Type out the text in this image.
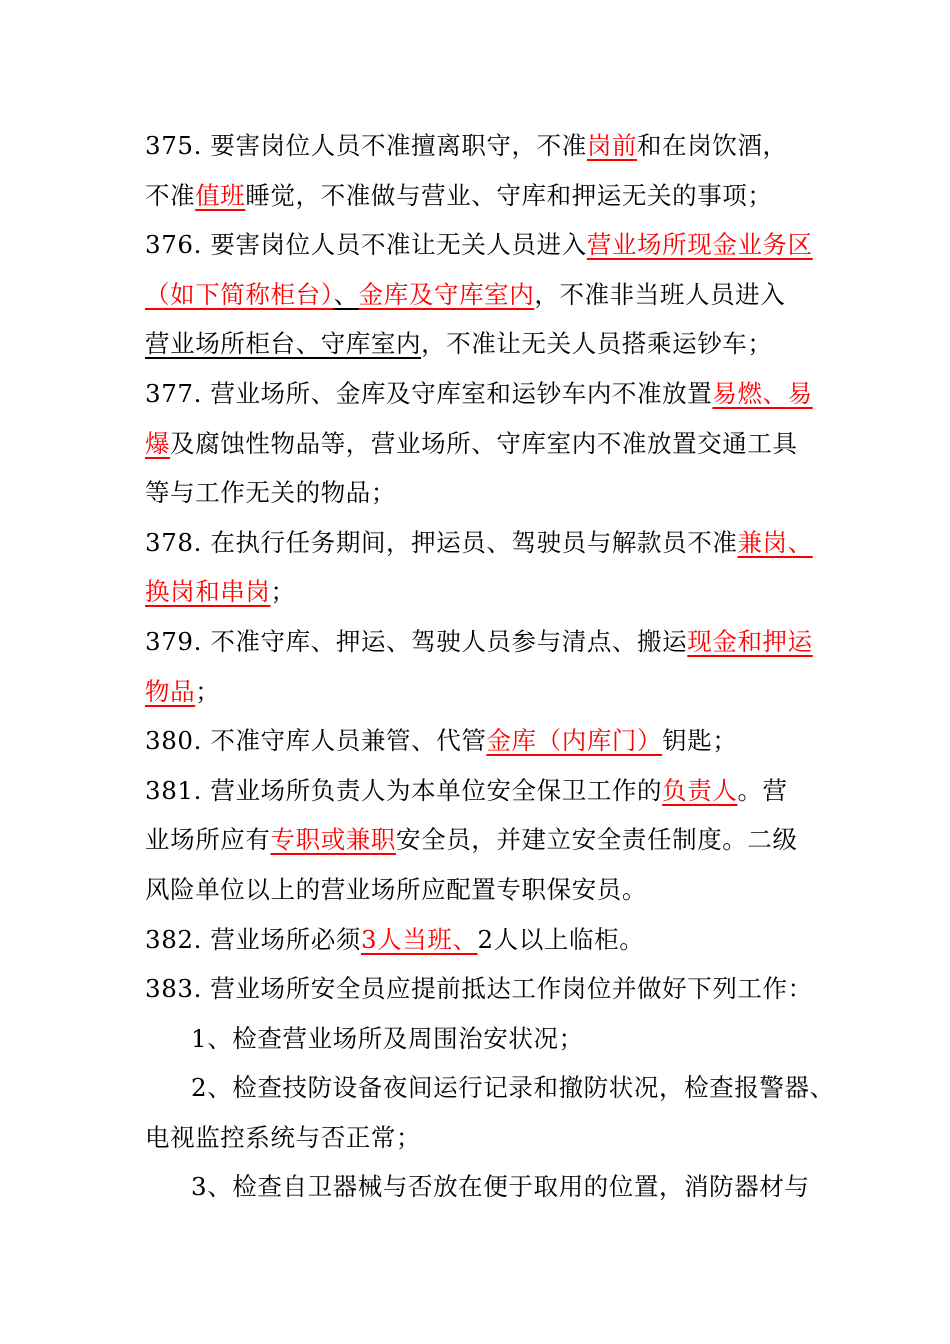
375. 要害岗位人员不准擅离职守，不准岗前和在岗饮酒，
不准值班睡觉，不准做与营业、守库和押运无关的事项；
376. 要害岗位人员不准让无关人员进入营业场所现金业务区
（如下简称柜台）、金库及守库室内，不准非当班人员进入
营业场所柜台、守库室内，不准让无关人员搭乘运钞车；
377. 营业场所、金库及守库室和运钞车内不准放置易燃、易
爆及腐蚀性物品等，营业场所、守库室内不准放置交通工具
等与工作无关的物品；
378. 在执行任务期间，押运员、驾驶员与解款员不准兼岗、
换岗和串岗；
379. 不准守库、押运、驾驶人员参与清点、搬运现金和押运
物品；
380. 不准守库人员兼管、代管金库（内库门）钥匙；
381. 营业场所负责人为本单位安全保卫工作的负责人。营
业场所应有专职或兼职安全员，并建立安全责任制度。二级
风险单位以上的营业场所应配置专职保安员。
382. 营业场所必须3人当班、2人以上临柜。
383. 营业场所安全员应提前抵达工作岗位并做好下列工作：
1、检查营业场所及周围治安状况；
2、检查技防设备夜间运行记录和撤防状况，检查报警器、
电视监控系统与否正常；
3、检查自卫器械与否放在便于取用的位置，消防器材与
